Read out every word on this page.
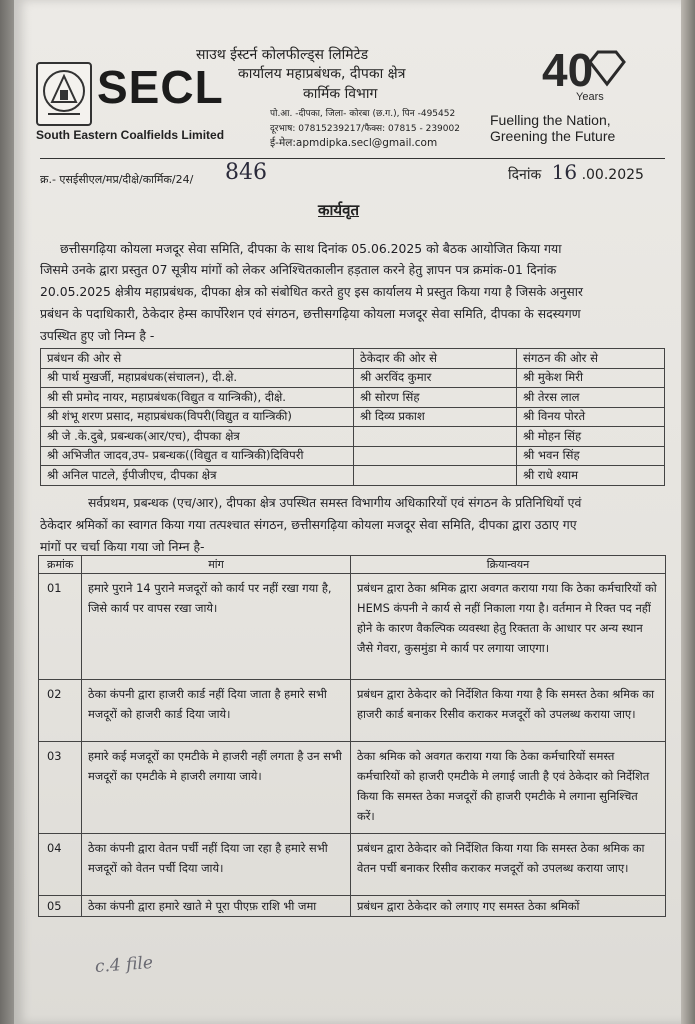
SECL
South Eastern Coalfields Limited
साउथ ईस्टर्न कोलफील्ड्स लिमिटेड
कार्यालय महाप्रबंधक, दीपका क्षेत्र
कार्मिक विभाग
पो.आ. -दीपका, जिला- कोरबा (छ.ग.), पिन -495452
दूरभाष: 07815239217/फैक्स: 07815 - 239002
ई-मेल:apmdipka.secl@gmail.com
40
Years
Fuelling the Nation,
Greening the Future
क्र.- एसईसीएल/मप्र/दीक्षे/कार्मिक/24/ 846	दिनांक 16 .00.2025
कार्यवृत
छत्तीसगढ़िया कोयला मजदूर सेवा समिति, दीपका के साथ दिनांक 05.06.2025 को बैठक आयोजित किया गया
जिसमे उनके द्वारा प्रस्तुत 07 सूत्रीय मांगों को लेकर अनिश्चितकालीन हड़ताल करने हेतु ज्ञापन पत्र क्रमांक-01 दिनांक
20.05.2025 क्षेत्रीय महाप्रबंधक, दीपका क्षेत्र को संबोधित करते हुए इस कार्यालय मे प्रस्तुत किया गया है जिसके अनुसार
प्रबंधन के पदाधिकारी, ठेकेदार हेम्स कार्पोरेशन एवं संगठन, छत्तीसगढ़िया कोयला मजदूर सेवा समिति, दीपका के सदस्यगण
उपस्थित हुए जो निम्न है -
प्रबंधन की ओर से	ठेकेदार की ओर से	संगठन की ओर से
श्री पार्थ मुखर्जी, महाप्रबंधक(संचालन), दी.क्षे.	श्री अरविंद कुमार	श्री मुकेश मिरी
श्री सी प्रमोद नायर, महाप्रबंधक(विद्युत व यान्त्रिकी), दीक्षे.	श्री सोरण सिंह	श्री तेरस लाल
श्री शंभू शरण प्रसाद, महाप्रबंधक(विपरी(विद्युत व यान्त्रिकी)	श्री दिव्य प्रकाश	श्री विनय पोरते
श्री जे .के.दुबे, प्रबन्धक(आर/एच), दीपका क्षेत्र		श्री मोहन सिंह
श्री अभिजीत जादव,उप- प्रबन्धक((विद्युत व यान्त्रिकी)दिविपरी		श्री भवन सिंह
श्री अनिल पाटले, ईपीजीएच, दीपका क्षेत्र		श्री राधे श्याम
सर्वप्रथम, प्रबन्धक (एच/आर), दीपका क्षेत्र उपस्थित समस्त विभागीय अधिकारियों एवं संगठन के प्रतिनिधियों एवं
ठेकेदार श्रमिकों का स्वागत किया गया तत्पश्चात संगठन, छत्तीसगढ़िया कोयला मजदूर सेवा समिति, दीपका द्वारा उठाए गए
मांगों पर चर्चा किया गया जो निम्न है-
क्रमांक	मांग	क्रियान्वयन
01	हमारे पुराने 14 पुराने मजदूरों को कार्य पर नहीं रखा गया है, जिसे कार्य पर वापस रखा जाये।	प्रबंधन द्वारा ठेका श्रमिक द्वारा अवगत कराया गया कि ठेका कर्मचारियों को HEMS कंपनी ने कार्य से नहीं निकाला गया है। वर्तमान मे रिक्त पद नहीं होने के कारण वैकल्पिक व्यवस्था हेतु रिक्तता के आधार पर अन्य स्थान जैसे गेवरा, कुसमुंडा मे कार्य पर लगाया जाएगा।
02	ठेका कंपनी द्वारा हाजरी कार्ड नहीं दिया जाता है हमारे सभी मजदूरों को हाजरी कार्ड दिया जाये।	प्रबंधन द्वारा ठेकेदार को निर्देशित किया गया है कि समस्त ठेका श्रमिक का हाजरी कार्ड बनाकर रिसीव कराकर मजदूरों को उपलब्ध कराया जाए।
03	हमारे कई मजदूरों का एमटीके मे हाजरी नहीं लगता है उन सभी मजदूरों का एमटीके मे हाजरी लगाया जाये।	ठेका श्रमिक को अवगत कराया गया कि ठेका कर्मचारियों समस्त कर्मचारियों को हाजरी एमटीके मे लगाई जाती है एवं ठेकेदार को निर्देशित किया कि समस्त ठेका मजदूरों की हाजरी एमटीके मे लगाना सुनिश्चित करें।
04	ठेका कंपनी द्वारा वेतन पर्ची नहीं दिया जा रहा है हमारे सभी मजदूरों को वेतन पर्ची दिया जाये।	प्रबंधन द्वारा ठेकेदार को निर्देशित किया गया कि समस्त ठेका श्रमिक का वेतन पर्ची बनाकर रिसीव कराकर मजदूरों को उपलब्ध कराया जाए।
05	ठेका कंपनी द्वारा हमारे खाते मे पूरा पीएफ़ राशि भी जमा	प्रबंधन द्वारा ठेकेदार को लगाए गए समस्त ठेका श्रमिकों
c.4 file
